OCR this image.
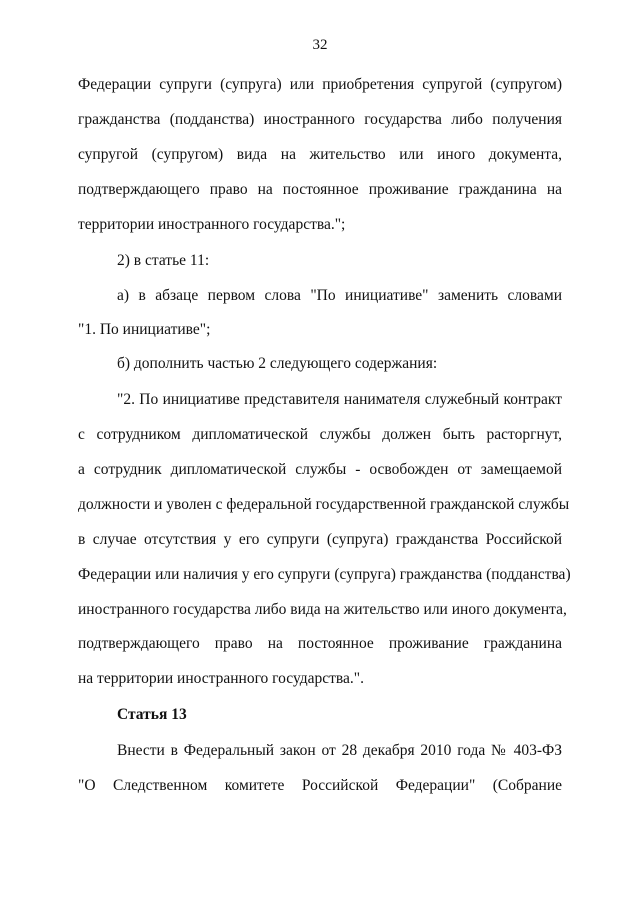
32
Федерации супруги (супруга) или приобретения супругой (супругом)
гражданства (подданства) иностранного государства либо получения
супругой (супругом) вида на жительство или иного документа,
подтверждающего право на постоянное проживание гражданина на
территории иностранного государства.";
2) в статье 11:
а) в абзаце первом слова "По инициативе" заменить словами
"1. По инициативе";
б) дополнить частью 2 следующего содержания:
"2. По инициативе представителя нанимателя служебный контракт
с сотрудником дипломатической службы должен быть расторгнут,
а сотрудник дипломатической службы - освобожден от замещаемой
должности и уволен с федеральной государственной гражданской службы
в случае отсутствия у его супруги (супруга) гражданства Российской
Федерации или наличия у его супруги (супруга) гражданства (подданства)
иностранного государства либо вида на жительство или иного документа,
подтверждающего право на постоянное проживание гражданина
на территории иностранного государства.".
Статья 13
Внести в Федеральный закон от 28 декабря 2010 года № 403-ФЗ
"О Следственном комитете Российской Федерации" (Собрание
